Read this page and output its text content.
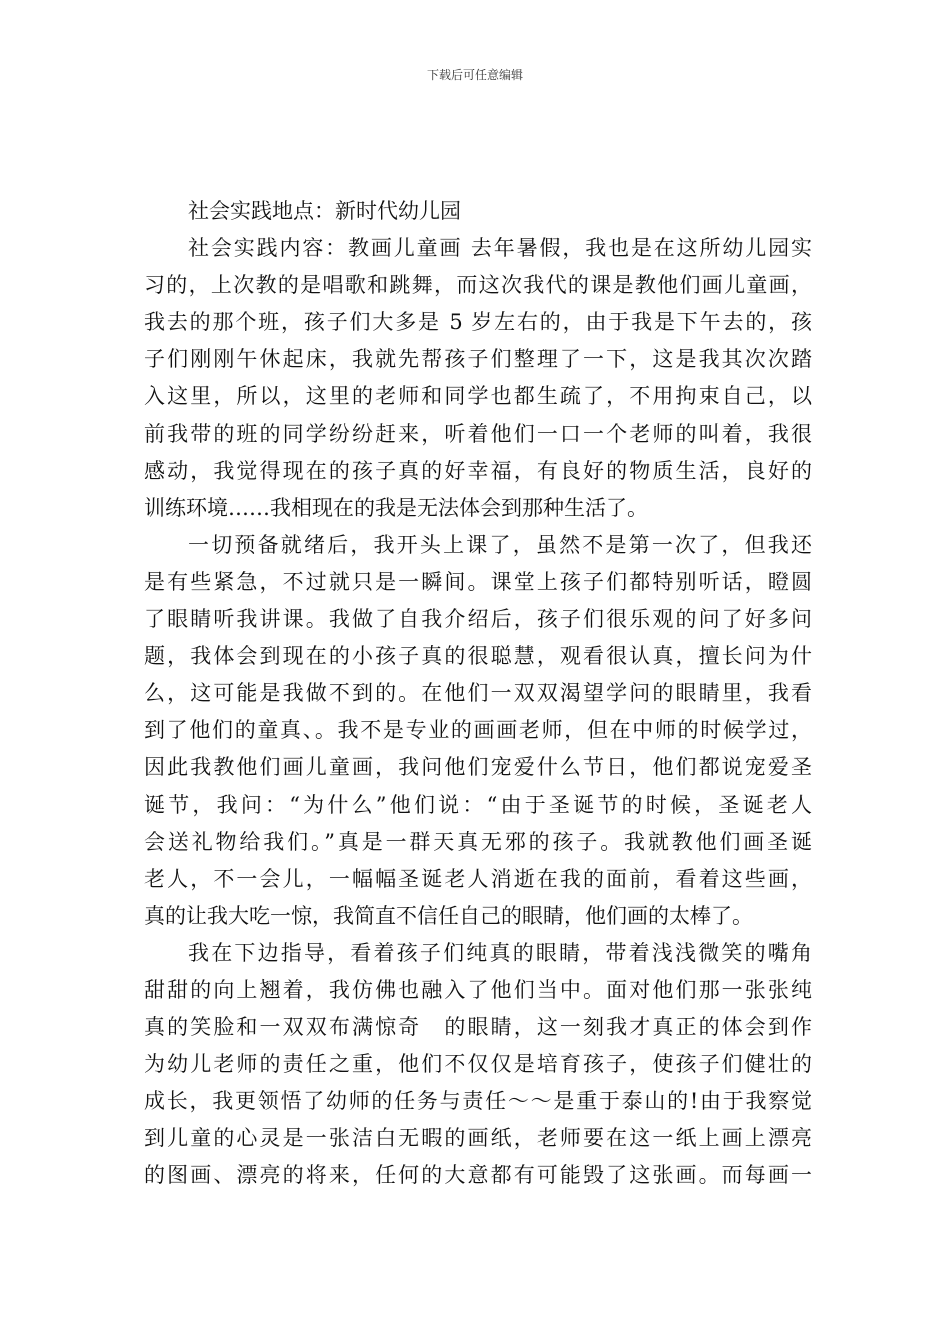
下载后可任意编辑
社会实践地点：新时代幼儿园
社会实践内容：教画儿童画 去年暑假，我也是在这所幼儿园实
习的，上次教的是唱歌和跳舞，而这次我代的课是教他们画儿童画，
我去的那个班，孩子们大多是 5 岁左右的，由于我是下午去的，孩
子们刚刚午休起床，我就先帮孩子们整理了一下，这是我其次次踏
入这里，所以，这里的老师和同学也都生疏了，不用拘束自己，以
前我带的班的同学纷纷赶来，听着他们一口一个老师的叫着，我很
感动，我觉得现在的孩子真的好幸福，有良好的物质生活，良好的
训练环境……我相现在的我是无法体会到那种生活了。
一切预备就绪后，我开头上课了，虽然不是第一次了，但我还
是有些紧急，不过就只是一瞬间。课堂上孩子们都特别听话，瞪圆
了眼睛听我讲课。我做了自我介绍后，孩子们很乐观的问了好多问
题，我体会到现在的小孩子真的很聪慧，观看很认真，擅长问为什
么，这可能是我做不到的。在他们一双双渴望学问的眼睛里，我看
到了他们的童真、。我不是专业的画画老师，但在中师的时候学过，
因此我教他们画儿童画，我问他们宠爱什么节日，他们都说宠爱圣
诞节，我问：“为什么”他们说：“由于圣诞节的时候，圣诞老人
会送礼物给我们。”真是一群天真无邪的孩子。我就教他们画圣诞
老人，不一会儿，一幅幅圣诞老人消逝在我的面前，看着这些画，
真的让我大吃一惊，我简直不信任自己的眼睛，他们画的太棒了。
我在下边指导，看着孩子们纯真的眼睛，带着浅浅微笑的嘴角
甜甜的向上翘着，我仿佛也融入了他们当中。面对他们那一张张纯
真的笑脸和一双双布满惊奇　的眼睛，这一刻我才真正的体会到作
为幼儿老师的责任之重，他们不仅仅是培育孩子，使孩子们健壮的
成长，我更领悟了幼师的任务与责任～～是重于泰山的!由于我察觉
到儿童的心灵是一张洁白无暇的画纸，老师要在这一纸上画上漂亮
的图画、漂亮的将来，任何的大意都有可能毁了这张画。而每画一
